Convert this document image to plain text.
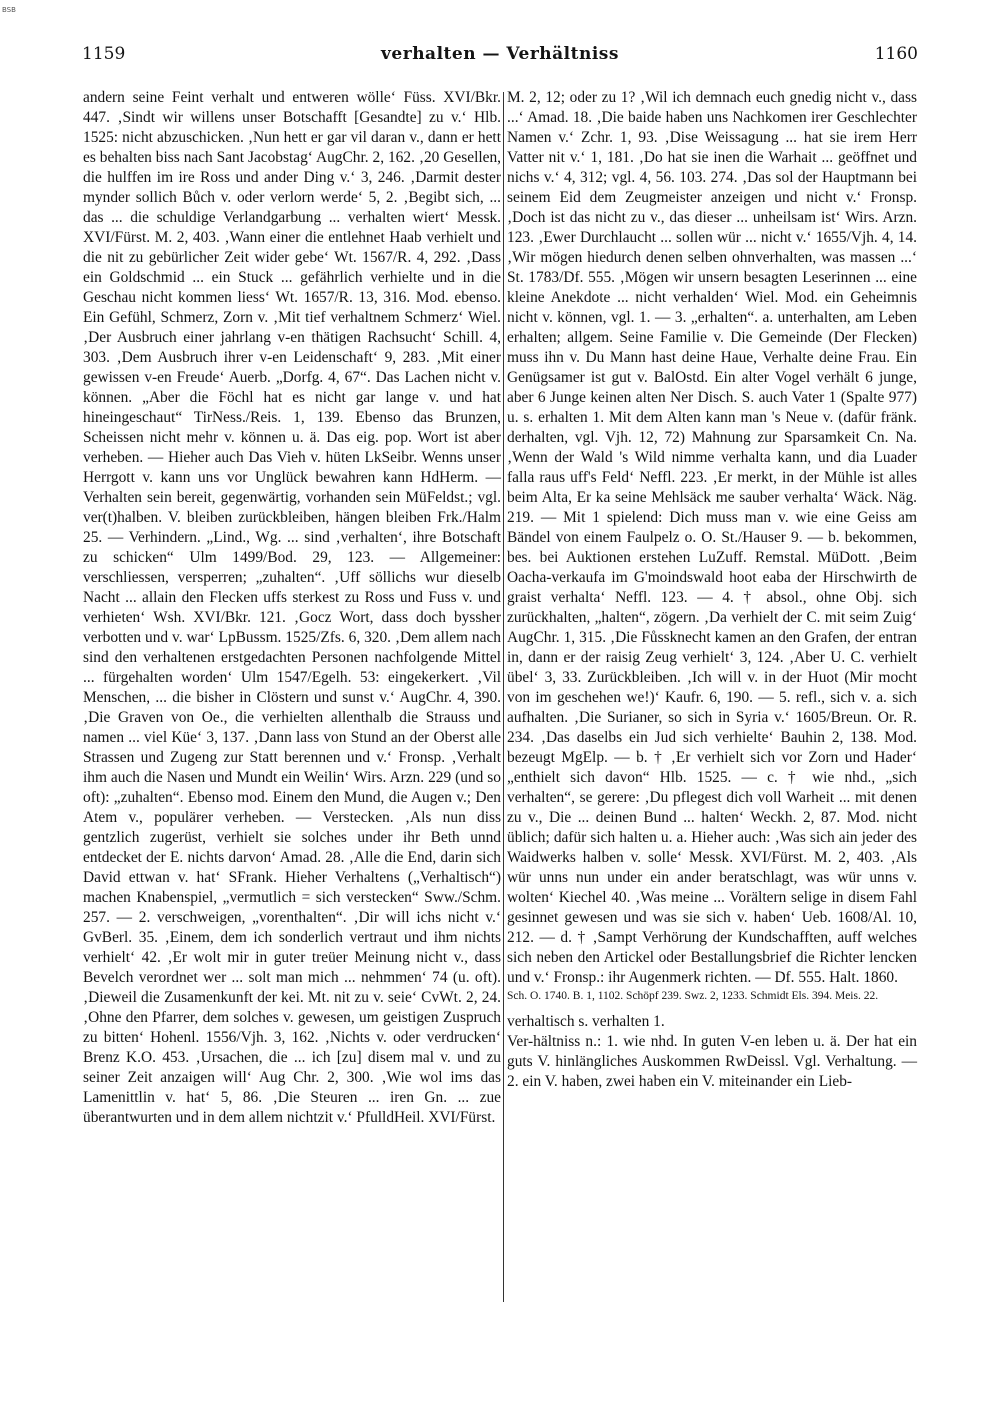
BSB
1159	verhalten — Verhältniss	1160

andern seine Feint verhalt und entweren wölle‘ Füss. XVI/Bkr. 447. ‚Sindt wir willens unser Botschafft [Gesandte] zu v.‘ Hlb. 1525: nicht abzuschicken. ‚Nun hett er gar vil daran v., dann er hett es behalten biss nach Sant Jacobstag‘ AugChr. 2, 162. ‚20 Gesellen, die hulffen im ire Ross und ander Ding v.‘ 3, 246. ‚Darmit dester mynder sollich Bůch v. oder verlorn werde‘ 5, 2. ‚Begibt sich, ... das ... die schuldige Verlandgarbung ... verhalten wiert‘ Messk. XVI/Fürst. M. 2, 403. ‚Wann einer die entlehnet Haab verhielt und die nit zu gebürlicher Zeit wider gebe‘ Wt. 1567/R. 4, 292. ‚Dass ein Goldschmid ... ein Stuck ... gefährlich verhielte und in die Geschau nicht kommen liess‘ Wt. 1657/R. 13, 316. Mod. ebenso. Ein Gefühl, Schmerz, Zorn v. ‚Mit tief verhaltnem Schmerz‘ Wiel. ‚Der Ausbruch einer jahrlang v-en thätigen Rachsucht‘ Schill. 4, 303. ‚Dem Ausbruch ihrer v-en Leidenschaft‘ 9, 283. ‚Mit einer gewissen v-en Freude‘ Auerb. „Dorfg. 4, 67“. Das Lachen nicht v. können. „Aber die Föchl hat es nicht gar lange v. und hat hineingeschaut“ TirNess./Reis. 1, 139. Ebenso das Brunzen, Scheissen nicht mehr v. können u. ä. Das eig. pop. Wort ist aber verheben. — Hieher auch Das Vieh v. hüten LkSeibr. Wenns unser Herrgott v. kann uns vor Unglück bewahren kann HdHerm. — Verhalten sein bereit, gegenwärtig, vorhanden sein MüFeldst.; vgl. ver(t)halben. V. bleiben zurückbleiben, hängen bleiben Frk./Halm 25. — Verhindern. „Lind., Wg. ... sind ‚verhalten‘, ihre Botschaft zu schicken“ Ulm 1499/Bod. 29, 123. — Allgemeiner: verschliessen, versperren; „zuhalten“. ‚Uff söllichs wur dieselb Nacht ... allain den Flecken uffs sterkest zu Ross und Fuss v. und verhieten‘ Wsh. XVI/Bkr. 121. ‚Gocz Wort, dass doch byssher verbotten und v. war‘ LpBussm. 1525/Zfs. 6, 320. ‚Dem allem nach sind den verhaltenen erstgedachten Personen nachfolgende Mittel ... fürgehalten worden‘ Ulm 1547/Egelh. 53: eingekerkert. ‚Vil Menschen, ... die bisher in Clöstern und sunst v.‘ AugChr. 4, 390. ‚Die Graven von Oe., die verhielten allenthalb die Strauss und namen ... viel Küe‘ 3, 137. ‚Dann lass von Stund an der Oberst alle Strassen und Zugeng zur Statt berennen und v.‘ Fronsp. ‚Verhalt ihm auch die Nasen und Mundt ein Weilin‘ Wirs. Arzn. 229 (und so oft): „zuhalten“. Ebenso mod. Einem den Mund, die Augen v.; Den Atem v., populärer verheben. — Verstecken. ‚Als nun diss gentzlich zugerüst, verhielt sie solches under ihr Beth unnd entdecket der E. nichts darvon‘ Amad. 28. ‚Alle die End, darin sich David ettwan v. hat‘ SFrank. Hieher Verhaltens („Verhaltisch“) machen Knabenspiel, „vermutlich = sich verstecken“ Sww./Schm. 257. — 2. verschweigen, „vorenthalten“. ‚Dir will ichs nicht v.‘ GvBerl. 35. ‚Einem, dem ich sonderlich vertraut und ihm nichts verhielt‘ 42. ‚Er wolt mir in guter treüer Meinung nicht v., dass Bevelch verordnet wer ... solt man mich ... nehmmen‘ 74 (u. oft). ‚Dieweil die Zusamenkunft der kei. Mt. nit zu v. seie‘ CvWt. 2, 24. ‚Ohne den Pfarrer, dem solches v. gewesen, um geistigen Zuspruch zu bitten‘ Hohenl. 1556/Vjh. 3, 162. ‚Nichts v. oder verdrucken‘ Brenz K.O. 453. ‚Ursachen, die ... ich [zu] disem mal v. und zu seiner Zeit anzaigen will‘ Aug Chr. 2, 300. ‚Wie wol ims das Lamenittlin v. hat‘ 5, 86. ‚Die Steuren ... iren Gn. ... zue überantwurten und in dem allem nichtzit v.‘ PfulldHeil. XVI/Fürst.

M. 2, 12; oder zu 1? ‚Wil ich demnach euch gnedig nicht v., dass ...‘ Amad. 18. ‚Die baide haben uns Nachkomen irer Geschlechter Namen v.‘ Zchr. 1, 93. ‚Dise Weissagung ... hat sie irem Herr Vatter nit v.‘ 1, 181. ‚Do hat sie inen die Warhait ... geöffnet und nichs v.‘ 4, 312; vgl. 4, 56. 103. 274. ‚Das sol der Hauptmann bei seinem Eid dem Zeugmeister anzeigen und nicht v.‘ Fronsp. ‚Doch ist das nicht zu v., das dieser ... unheilsam ist‘ Wirs. Arzn. 123. ‚Ewer Durchlaucht ... sollen wür ... nicht v.‘ 1655/Vjh. 4, 14. ‚Wir mögen hiedurch denen selben ohnverhalten, was massen ...‘ St. 1783/Df. 555. ‚Mögen wir unsern besagten Leserinnen ... eine kleine Anekdote ... nicht verhalden‘ Wiel. Mod. ein Geheimnis nicht v. können, vgl. 1. — 3. „erhalten“. a. unterhalten, am Leben erhalten; allgem. Seine Familie v. Die Gemeinde (Der Flecken) muss ihn v. Du Mann hast deine Haue, Verhalte deine Frau. Ein Genügsamer ist gut v. BalOstd. Ein alter Vogel verhält 6 junge, aber 6 Junge keinen alten Ner Disch. S. auch Vater 1 (Spalte 977) u. s. erhalten 1. Mit dem Alten kann man 's Neue v. (dafür fränk. derhalten, vgl. Vjh. 12, 72) Mahnung zur Sparsamkeit Cn. Na. ‚Wenn der Wald 's Wild nimme verhalta kann, und dia Luader falla raus uff's Feld‘ Neffl. 223. ‚Er merkt, in der Mühle ist alles beim Alta, Er ka seine Mehlsäck me sauber verhalta‘ Wäck. Näg. 219. — Mit 1 spielend: Dich muss man v. wie eine Geiss am Bändel von einem Faulpelz o. O. St./Hauser 9. — b. bekommen, bes. bei Auktionen erstehen LuZuff. Remstal. MüDott. ‚Beim Oacha-verkaufa im G'moindswald hoot eaba der Hirschwirth de graist verhalta‘ Neffl. 123. — 4. † absol., ohne Obj. sich zurückhalten, „halten“, zögern. ‚Da verhielt der C. mit seim Zuig‘ AugChr. 1, 315. ‚Die Fůssknecht kamen an den Grafen, der entran in, dann er der raisig Zeug verhielt‘ 3, 124. ‚Aber U. C. verhielt übel‘ 3, 33. Zurückbleiben. ‚Ich will v. in der Huot (Mir mocht von im geschehen we!)‘ Kaufr. 6, 190. — 5. refl., sich v. a. sich aufhalten. ‚Die Surianer, so sich in Syria v.‘ 1605/Breun. Or. R. 234. ‚Das daselbs ein Jud sich verhielte‘ Bauhin 2, 138. Mod. bezeugt MgElp. — b. † ‚Er verhielt sich vor Zorn und Hader‘ „enthielt sich davon“ Hlb. 1525. — c. † wie nhd., „sich verhalten“, se gerere: ‚Du pflegest dich voll Warheit ... mit denen zu v., Die ... deinen Bund ... halten‘ Weckh. 2, 87. Mod. nicht üblich; dafür sich halten u. a. Hieher auch: ‚Was sich ain jeder des Waidwerks halben v. solle‘ Messk. XVI/Fürst. M. 2, 403. ‚Als wür unns nun under ein ander beratschlagt, was wür unns v. wolten‘ Kiechel 40. ‚Was meine ... Vorältern selige in disem Fahl gesinnet gewesen und was sie sich v. haben‘ Ueb. 1608/Al. 10, 212. — d. † ‚Sampt Verhörung der Kundschafften, auff welches sich neben den Artickel oder Bestallungsbrief die Richter lencken und v.‘ Fronsp.: ihr Augenmerk richten. — Df. 555. Halt. 1860.

Sch. O. 1740. B. 1, 1102. Schöpf 239. Swz. 2, 1233. Schmidt Els. 394. Meis. 22.

verhaltisch s. verhalten 1.

Ver-hältniss n.: 1. wie nhd. In guten V-en leben u. ä. Der hat ein guts V. hinlängliches Auskommen RwDeissl. Vgl. Verhaltung. — 2. ein V. haben, zwei haben ein V. miteinander ein Lieb-
